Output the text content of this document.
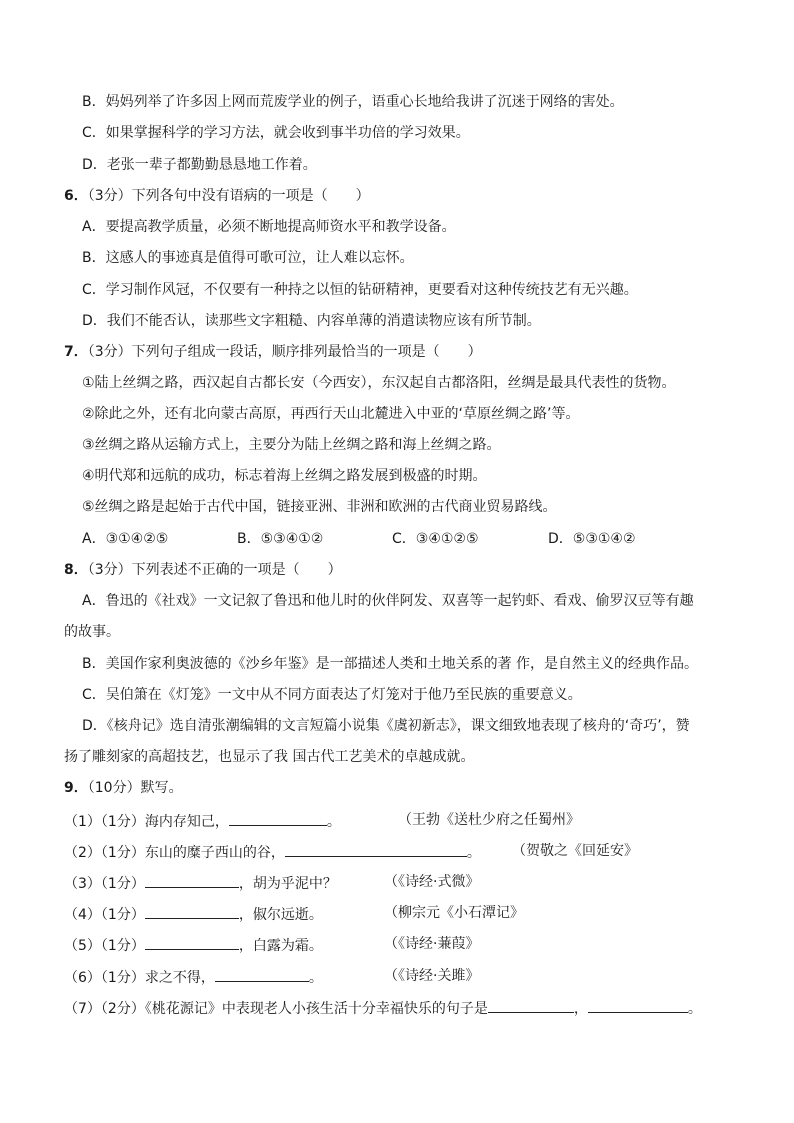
B．妈妈列举了许多因上网而荒废学业的例子，语重心长地给我讲了沉迷于网络的害处。
C．如果掌握科学的学习方法，就会收到事半功倍的学习效果。
D．老张一辈子都勤勤恳恳地工作着。
6．（3分）下列各句中没有语病的一项是（　　）
A．要提高教学质量，必须不断地提高师资水平和教学设备。
B．这感人的事迹真是值得可歌可泣，让人难以忘怀。
C．学习制作风冠，不仅要有一种持之以恒的钻研精神，更要看对这种传统技艺有无兴趣。
D．我们不能否认，读那些文字粗糙、内容单薄的消遣读物应该有所节制。
7．（3分）下列句子组成一段话，顺序排列最恰当的一项是（　　）
①陆上丝绸之路，西汉起自古都长安（今西安），东汉起自古都洛阳，丝绸是最具代表性的货物。
②除此之外，还有北向蒙古高原，再西行天山北麓进入中亚的‘草原丝绸之路’等。
③丝绸之路从运输方式上，主要分为陆上丝绸之路和海上丝绸之路。
④明代郑和远航的成功，标志着海上丝绸之路发展到极盛的时期。
⑤丝绸之路是起始于古代中国，链接亚洲、非洲和欧洲的古代商业贸易路线。
A．③①④②⑤	B．⑤③④①②	C．③④①②⑤	D．⑤③①④②
8．（3分）下列表述不正确的一项是（　　）
A．鲁迅的《社戏》一文记叙了鲁迅和他儿时的伙伴阿发、双喜等一起钓虾、看戏、偷罗汉豆等有趣
的故事。
B．美国作家利奥波德的《沙乡年鉴》是一部描述人类和土地关系的著 作，是自然主义的经典作品。
C．吴伯箫在《灯笼》一文中从不同方面表达了灯笼对于他乃至民族的重要意义。
D．《核舟记》选自清张潮编辑的文言短篇小说集《虞初新志》，课文细致地表现了核舟的‘奇巧’，赞
扬了雕刻家的高超技艺，也显示了我 国古代工艺美术的卓越成就。
9．（10分）默写。
（1）（1分）海内存知己，	。	（王勃《送杜少府之任蜀州》
（2）（1分）东山的糜子西山的谷，	。 （贺敬之《回延安》
（3）（1分）	，胡为乎泥中？	（《诗经·式微》
（4）（1分）	，俶尔远逝。	（柳宗元《小石潭记》
（5）（1分）	，白露为霜。	（《诗经·蒹葭》
（6）（1分）求之不得，	。	（《诗经·关雎》
（7）（2分）《桃花源记》中表现老人小孩生活十分幸福快乐的句子是	，	。
